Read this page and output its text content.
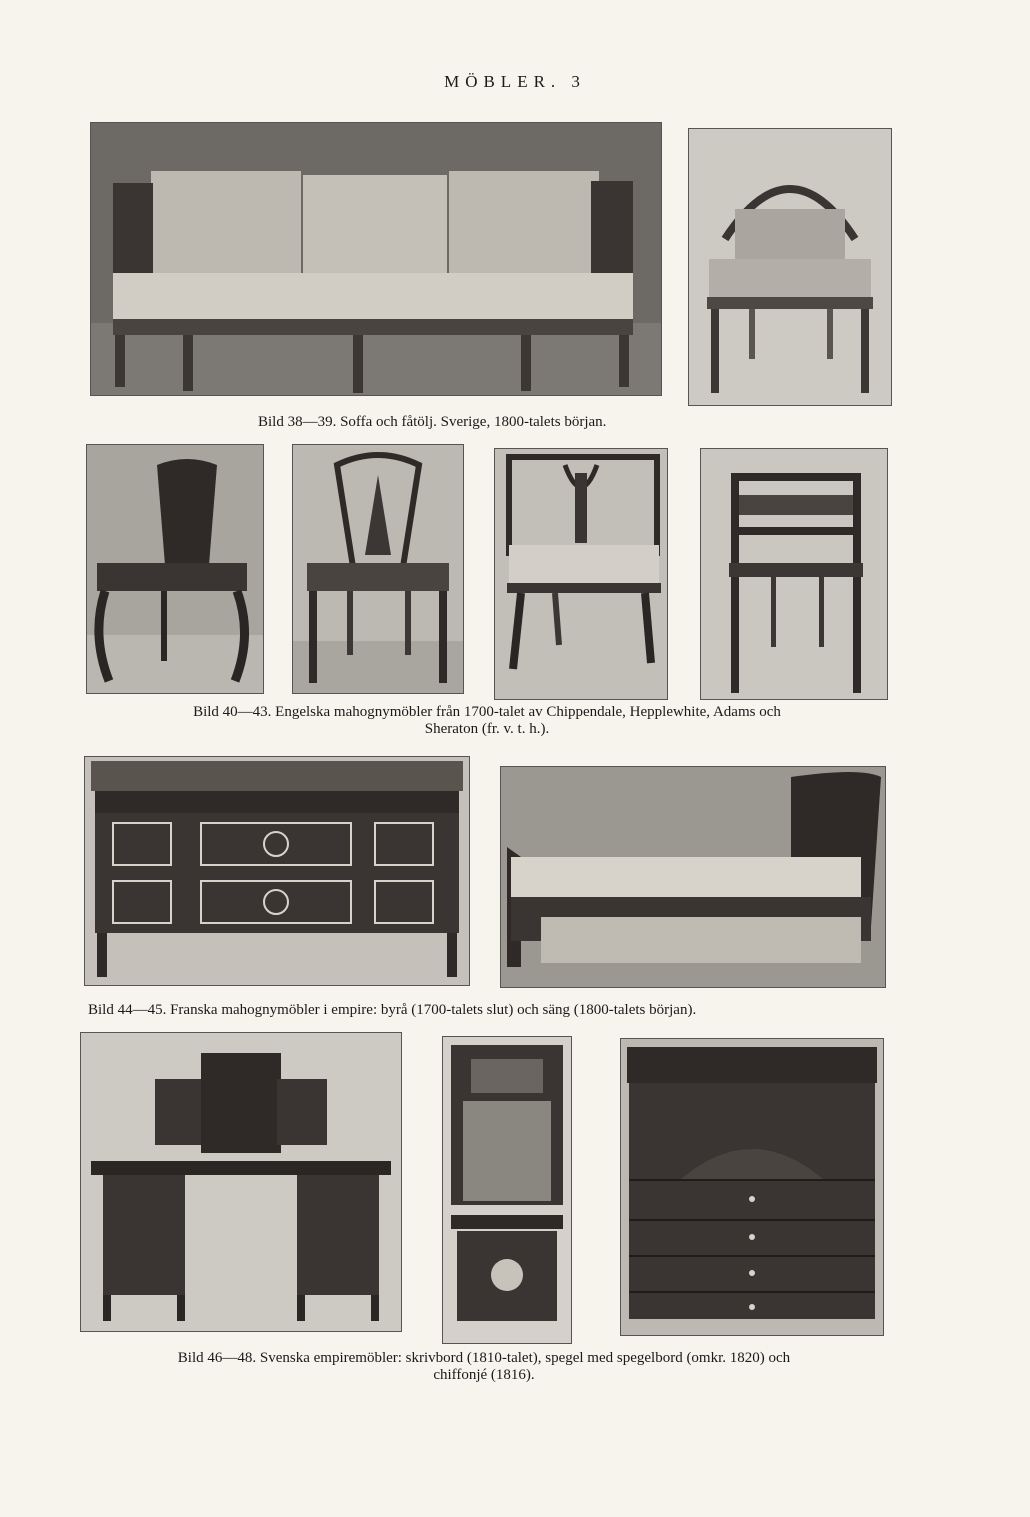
MÖBLER. 3
Bild 38—39. Soffa och fåtölj. Sverige, 1800-talets början.
Bild 40—43. Engelska mahognymöbler från 1700-talet av Chippendale, Hepplewhite, Adams och
Sheraton (fr. v. t. h.).
Bild 44—45. Franska mahognymöbler i empire: byrå (1700-talets slut) och säng (1800-talets början).
Bild 46—48. Svenska empiremöbler: skrivbord (1810-talet), spegel med spegelbord (omkr. 1820) och
chiffonjé (1816).
